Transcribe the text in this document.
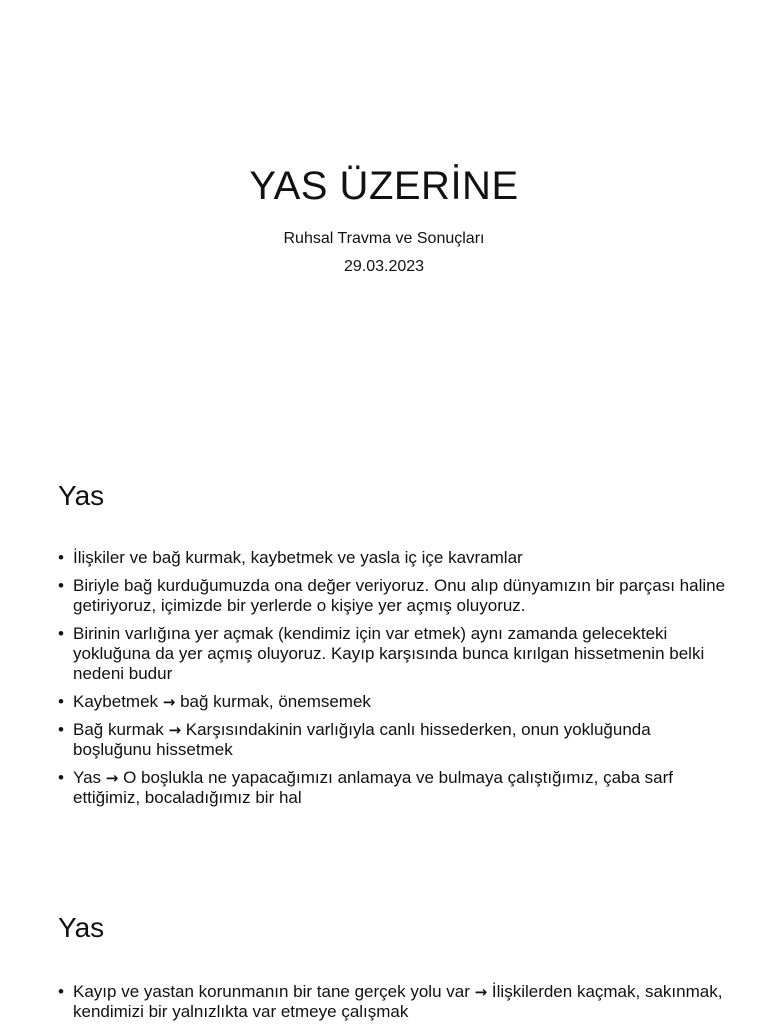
YAS ÜZERİNE
Ruhsal Travma ve Sonuçları
29.03.2023
Yas
• İlişkiler ve bağ kurmak, kaybetmek ve yasla iç içe kavramlar
• Biriyle bağ kurduğumuzda ona değer veriyoruz. Onu alıp dünyamızın bir parçası haline getiriyoruz, içimizde bir yerlerde o kişiye yer açmış oluyoruz.
• Birinin varlığına yer açmak (kendimiz için var etmek) aynı zamanda gelecekteki yokluğuna da yer açmış oluyoruz. Kayıp karşısında bunca kırılgan hissetmenin belki nedeni budur
• Kaybetmek → bağ kurmak, önemsemek
• Bağ kurmak → Karşısındakinin varlığıyla canlı hissederken, onun yokluğunda boşluğunu hissetmek
• Yas → O boşlukla ne yapacağımızı anlamaya ve bulmaya çalıştığımız, çaba sarf ettiğimiz, bocaladığımız bir hal
Yas
• Kayıp ve yastan korunmanın bir tane gerçek yolu var → İlişkilerden kaçmak, sakınmak, kendimizi bir yalnızlıkta var etmeye çalışmak
